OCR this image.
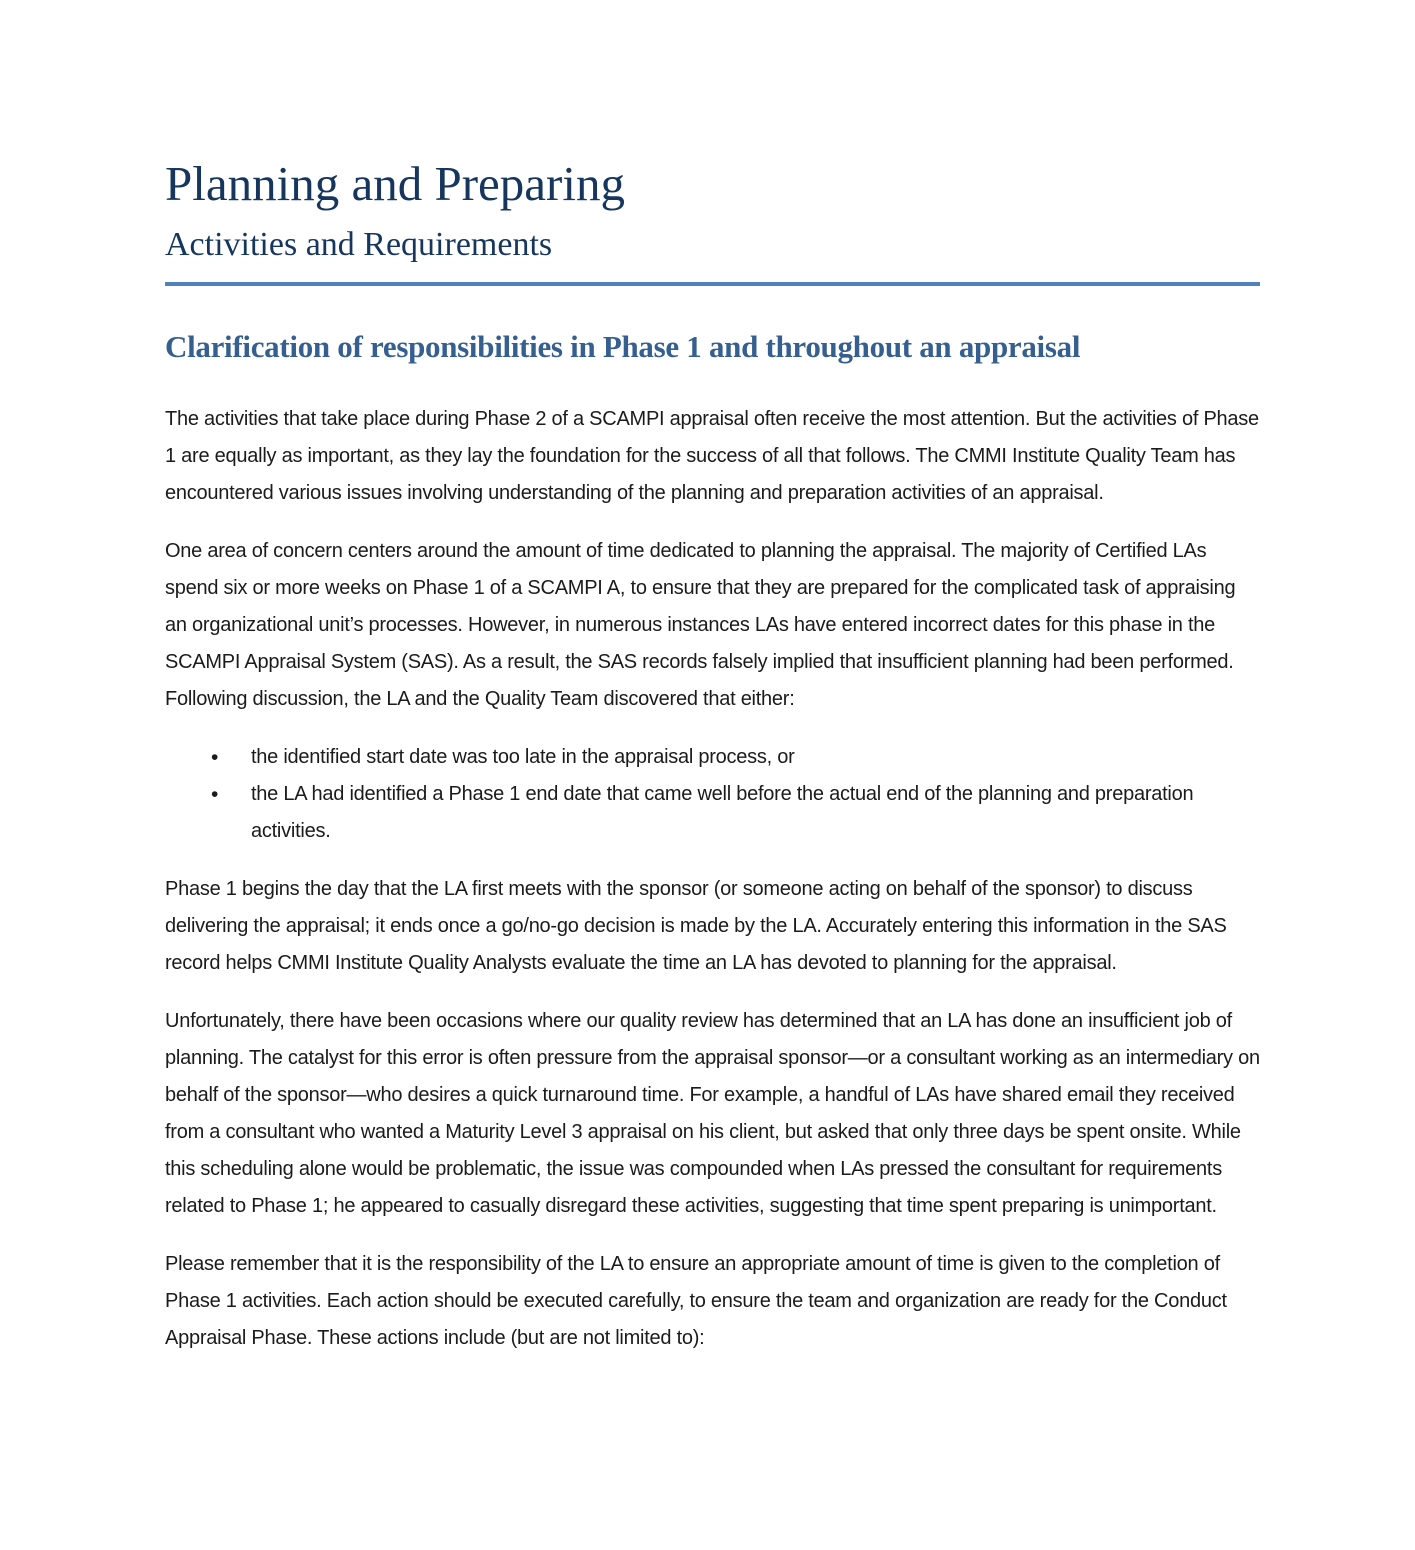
Planning and Preparing
Activities and Requirements
Clarification of responsibilities in Phase 1 and throughout an appraisal

The activities that take place during Phase 2 of a SCAMPI appraisal often receive the most attention. But the activities of Phase 1 are equally as important, as they lay the foundation for the success of all that follows. The CMMI Institute Quality Team has encountered various issues involving understanding of the planning and preparation activities of an appraisal.

One area of concern centers around the amount of time dedicated to planning the appraisal. The majority of Certified LAs spend six or more weeks on Phase 1 of a SCAMPI A, to ensure that they are prepared for the complicated task of appraising an organizational unit’s processes. However, in numerous instances LAs have entered incorrect dates for this phase in the SCAMPI Appraisal System (SAS). As a result, the SAS records falsely implied that insufficient planning had been performed. Following discussion, the LA and the Quality Team discovered that either:

• the identified start date was too late in the appraisal process, or
• the LA had identified a Phase 1 end date that came well before the actual end of the planning and preparation activities.

Phase 1 begins the day that the LA first meets with the sponsor (or someone acting on behalf of the sponsor) to discuss delivering the appraisal; it ends once a go/no-go decision is made by the LA. Accurately entering this information in the SAS record helps CMMI Institute Quality Analysts evaluate the time an LA has devoted to planning for the appraisal.

Unfortunately, there have been occasions where our quality review has determined that an LA has done an insufficient job of planning. The catalyst for this error is often pressure from the appraisal sponsor—or a consultant working as an intermediary on behalf of the sponsor—who desires a quick turnaround time. For example, a handful of LAs have shared email they received from a consultant who wanted a Maturity Level 3 appraisal on his client, but asked that only three days be spent onsite. While this scheduling alone would be problematic, the issue was compounded when LAs pressed the consultant for requirements related to Phase 1; he appeared to casually disregard these activities, suggesting that time spent preparing is unimportant.

Please remember that it is the responsibility of the LA to ensure an appropriate amount of time is given to the completion of Phase 1 activities. Each action should be executed carefully, to ensure the team and organization are ready for the Conduct Appraisal Phase. These actions include (but are not limited to):
